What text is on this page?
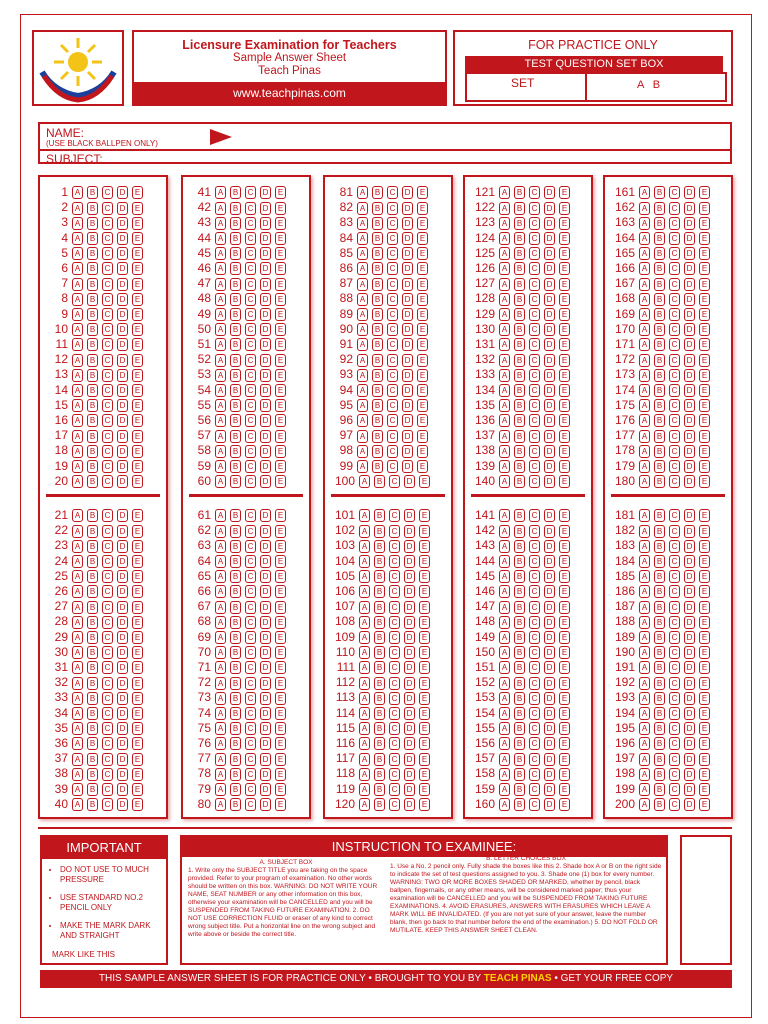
Licensure Examination for Teachers
Sample Answer Sheet
Teach Pinas
www.teachpinas.com
FOR PRACTICE ONLY
TEST QUESTION SET BOX
SET	A B
NAME:
(USE BLACK BALLPEN ONLY)
SUBJECT:
1 A B C D E
2 A B C D E
3 A B C D E
4 A B C D E
5 A B C D E
6 A B C D E
7 A B C D E
8 A B C D E
9 A B C D E
10 A B C D E
11 A B C D E
12 A B C D E
13 A B C D E
14 A B C D E
15 A B C D E
16 A B C D E
17 A B C D E
18 A B C D E
19 A B C D E
20 A B C D E
21 A B C D E
22 A B C D E
23 A B C D E
24 A B C D E
25 A B C D E
26 A B C D E
27 A B C D E
28 A B C D E
29 A B C D E
30 A B C D E
31 A B C D E
32 A B C D E
33 A B C D E
34 A B C D E
35 A B C D E
36 A B C D E
37 A B C D E
38 A B C D E
39 A B C D E
40 A B C D E
41 A B C D E
42 A B C D E
43 A B C D E
44 A B C D E
45 A B C D E
46 A B C D E
47 A B C D E
48 A B C D E
49 A B C D E
50 A B C D E
51 A B C D E
52 A B C D E
53 A B C D E
54 A B C D E
55 A B C D E
56 A B C D E
57 A B C D E
58 A B C D E
59 A B C D E
60 A B C D E
61 A B C D E
62 A B C D E
63 A B C D E
64 A B C D E
65 A B C D E
66 A B C D E
67 A B C D E
68 A B C D E
69 A B C D E
70 A B C D E
71 A B C D E
72 A B C D E
73 A B C D E
74 A B C D E
75 A B C D E
76 A B C D E
77 A B C D E
78 A B C D E
79 A B C D E
80 A B C D E
81 A B C D E
82 A B C D E
83 A B C D E
84 A B C D E
85 A B C D E
86 A B C D E
87 A B C D E
88 A B C D E
89 A B C D E
90 A B C D E
91 A B C D E
92 A B C D E
93 A B C D E
94 A B C D E
95 A B C D E
96 A B C D E
97 A B C D E
98 A B C D E
99 A B C D E
100 A B C D E
101 A B C D E
102 A B C D E
103 A B C D E
104 A B C D E
105 A B C D E
106 A B C D E
107 A B C D E
108 A B C D E
109 A B C D E
110 A B C D E
111 A B C D E
112 A B C D E
113 A B C D E
114 A B C D E
115 A B C D E
116 A B C D E
117 A B C D E
118 A B C D E
119 A B C D E
120 A B C D E
121 A B C D E
122 A B C D E
123 A B C D E
124 A B C D E
125 A B C D E
126 A B C D E
127 A B C D E
128 A B C D E
129 A B C D E
130 A B C D E
131 A B C D E
132 A B C D E
133 A B C D E
134 A B C D E
135 A B C D E
136 A B C D E
137 A B C D E
138 A B C D E
139 A B C D E
140 A B C D E
141 A B C D E
142 A B C D E
143 A B C D E
144 A B C D E
145 A B C D E
146 A B C D E
147 A B C D E
148 A B C D E
149 A B C D E
150 A B C D E
151 A B C D E
152 A B C D E
153 A B C D E
154 A B C D E
155 A B C D E
156 A B C D E
157 A B C D E
158 A B C D E
159 A B C D E
160 A B C D E
161 A B C D E
162 A B C D E
163 A B C D E
164 A B C D E
165 A B C D E
166 A B C D E
167 A B C D E
168 A B C D E
169 A B C D E
170 A B C D E
171 A B C D E
172 A B C D E
173 A B C D E
174 A B C D E
175 A B C D E
176 A B C D E
177 A B C D E
178 A B C D E
179 A B C D E
180 A B C D E
181 A B C D E
182 A B C D E
183 A B C D E
184 A B C D E
185 A B C D E
186 A B C D E
187 A B C D E
188 A B C D E
189 A B C D E
190 A B C D E
191 A B C D E
192 A B C D E
193 A B C D E
194 A B C D E
195 A B C D E
196 A B C D E
197 A B C D E
198 A B C D E
199 A B C D E
200 A B C D E
IMPORTANT
• DO NOT USE TO MUCH PRESSURE
• USE STANDARD NO.2 PENCIL ONLY
• MAKE THE MARK DARK AND STRAIGHT
MARK LIKE THIS
INSTRUCTION TO EXAMINEE:
A. SUBJECT BOX
1. Write only the SUBJECT TITLE you are taking on the space provided. Refer to your program of examination. No other words should be written on this box. WARNING: DO NOT WRITE YOUR NAME, SEAT NUMBER or any other information on this box, otherwise your examination will be CANCELLED and you will be SUSPENDED FROM TAKING FUTURE EXAMINATION. 2. DO NOT USE CORRECTION FLUID or eraser of any kind to correct wrong subject title. Put a horizontal line on the wrong subject and write above or beside the correct title.
B. LETTER CHOICES BOX
1. Use a No. 2 pencil only. Fully shade the boxes like this 2. Shade box A or B on the right side to indicate the set of test questions assigned to you. 3. Shade one (1) box for every number. WARNING: TWO OR MORE BOXES SHADED OR MARKED, whether by pencil, black ballpen, fingernails, or any other means, will be considered marked paper; thus your examination will be CANCELLED and you will be SUSPENDED FROM TAKING FUTURE EXAMINATIONS. 4. AVOID ERASURES, ANSWERS WITH ERASURES WHICH LEAVE A MARK WILL BE INVALIDATED. (If you are not yet sure of your answer, leave the number blank, then go back to that number before the end of the examination.) 5. DO NOT FOLD OR MUTILATE. KEEP THIS ANSWER SHEET CLEAN.
THIS SAMPLE ANSWER SHEET IS FOR PRACTICE ONLY • BROUGHT TO YOU BY TEACH PINAS • GET YOUR FREE COPY
